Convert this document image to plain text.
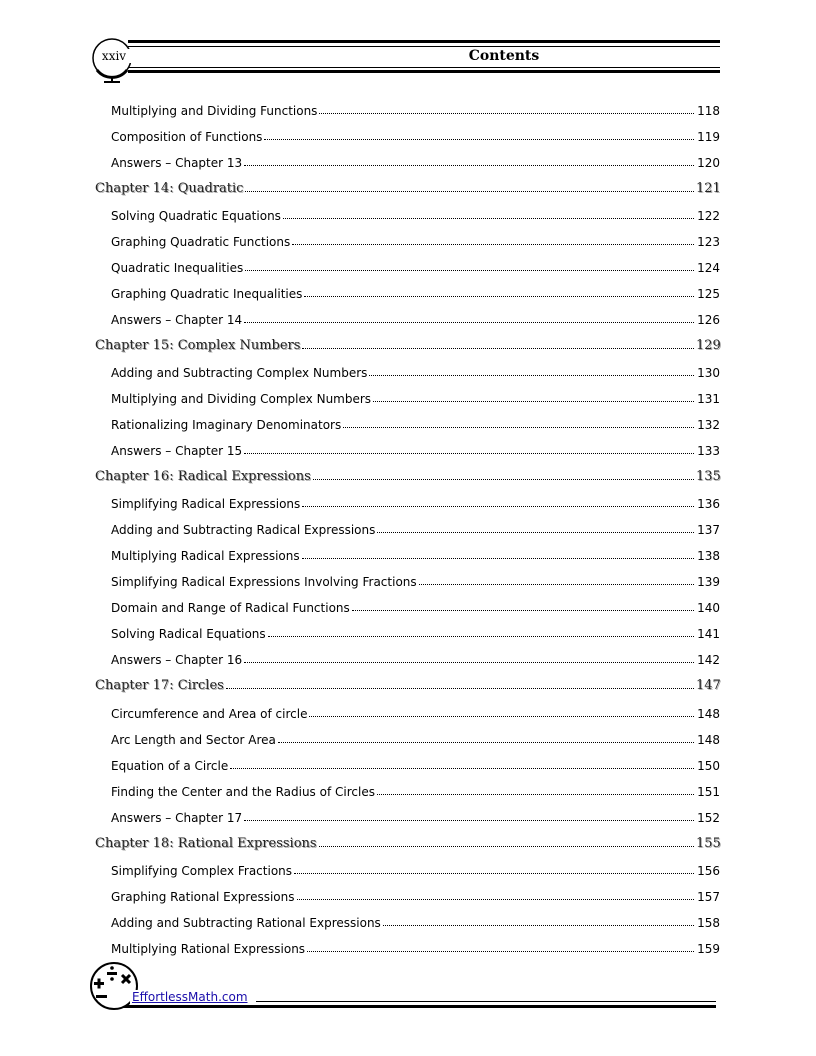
xxiv	Contents
Multiplying and Dividing Functions	118
Composition of Functions	119
Answers – Chapter 13	120
Chapter 14: Quadratic	121
Solving Quadratic Equations	122
Graphing Quadratic Functions	123
Quadratic Inequalities	124
Graphing Quadratic Inequalities	125
Answers – Chapter 14	126
Chapter 15: Complex Numbers	129
Adding and Subtracting Complex Numbers	130
Multiplying and Dividing Complex Numbers	131
Rationalizing Imaginary Denominators	132
Answers – Chapter 15	133
Chapter 16: Radical Expressions	135
Simplifying Radical Expressions	136
Adding and Subtracting Radical Expressions	137
Multiplying Radical Expressions	138
Simplifying Radical Expressions Involving Fractions	139
Domain and Range of Radical Functions	140
Solving Radical Equations	141
Answers – Chapter 16	142
Chapter 17: Circles	147
Circumference and Area of circle	148
Arc Length and Sector Area	148
Equation of a Circle	150
Finding the Center and the Radius of Circles	151
Answers – Chapter 17	152
Chapter 18: Rational Expressions	155
Simplifying Complex Fractions	156
Graphing Rational Expressions	157
Adding and Subtracting Rational Expressions	158
Multiplying Rational Expressions	159
EffortlessMath.com
